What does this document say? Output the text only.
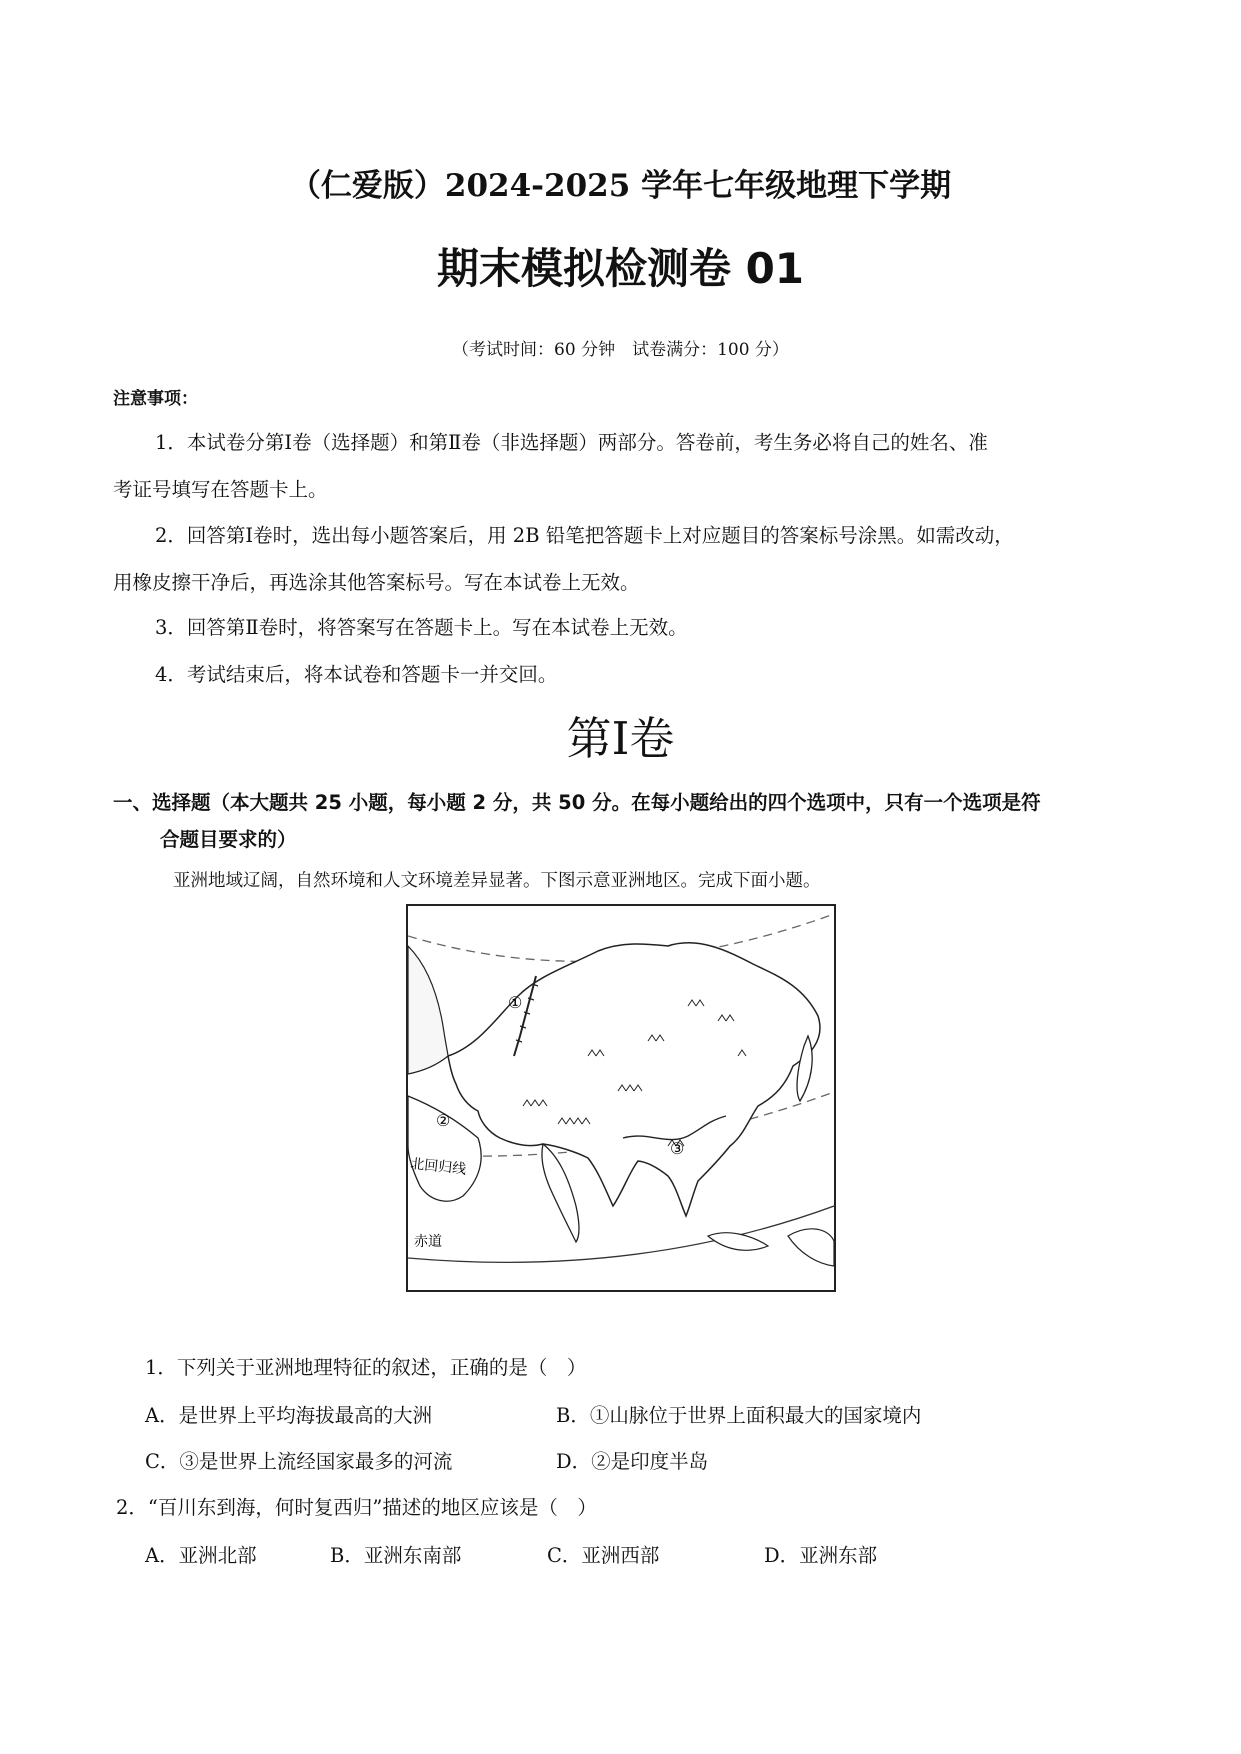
（仁爱版）2024-2025 学年七年级地理下学期
期末模拟检测卷 01
（考试时间：60 分钟　试卷满分：100 分）
注意事项：
1．本试卷分第Ⅰ卷（选择题）和第Ⅱ卷（非选择题）两部分。答卷前，考生务必将自己的姓名、准
考证号填写在答题卡上。
2．回答第Ⅰ卷时，选出每小题答案后，用 2B 铅笔把答题卡上对应题目的答案标号涂黑。如需改动，
用橡皮擦干净后，再选涂其他答案标号。写在本试卷上无效。
3．回答第Ⅱ卷时，将答案写在答题卡上。写在本试卷上无效。
4．考试结束后，将本试卷和答题卡一并交回。
第Ⅰ卷
一、选择题（本大题共 25 小题，每小题 2 分，共 50 分。在每小题给出的四个选项中，只有一个选项是符
合题目要求的）
亚洲地域辽阔，自然环境和人文环境差异显著。下图示意亚洲地区。完成下面小题。
①
②
③
北回归线
赤道
1．下列关于亚洲地理特征的叙述，正确的是（　）
A．是世界上平均海拔最高的大洲	B．①山脉位于世界上面积最大的国家境内
C．③是世界上流经国家最多的河流	D．②是印度半岛
2．“百川东到海，何时复西归”描述的地区应该是（　）
A．亚洲北部	B．亚洲东南部	C．亚洲西部	D．亚洲东部
